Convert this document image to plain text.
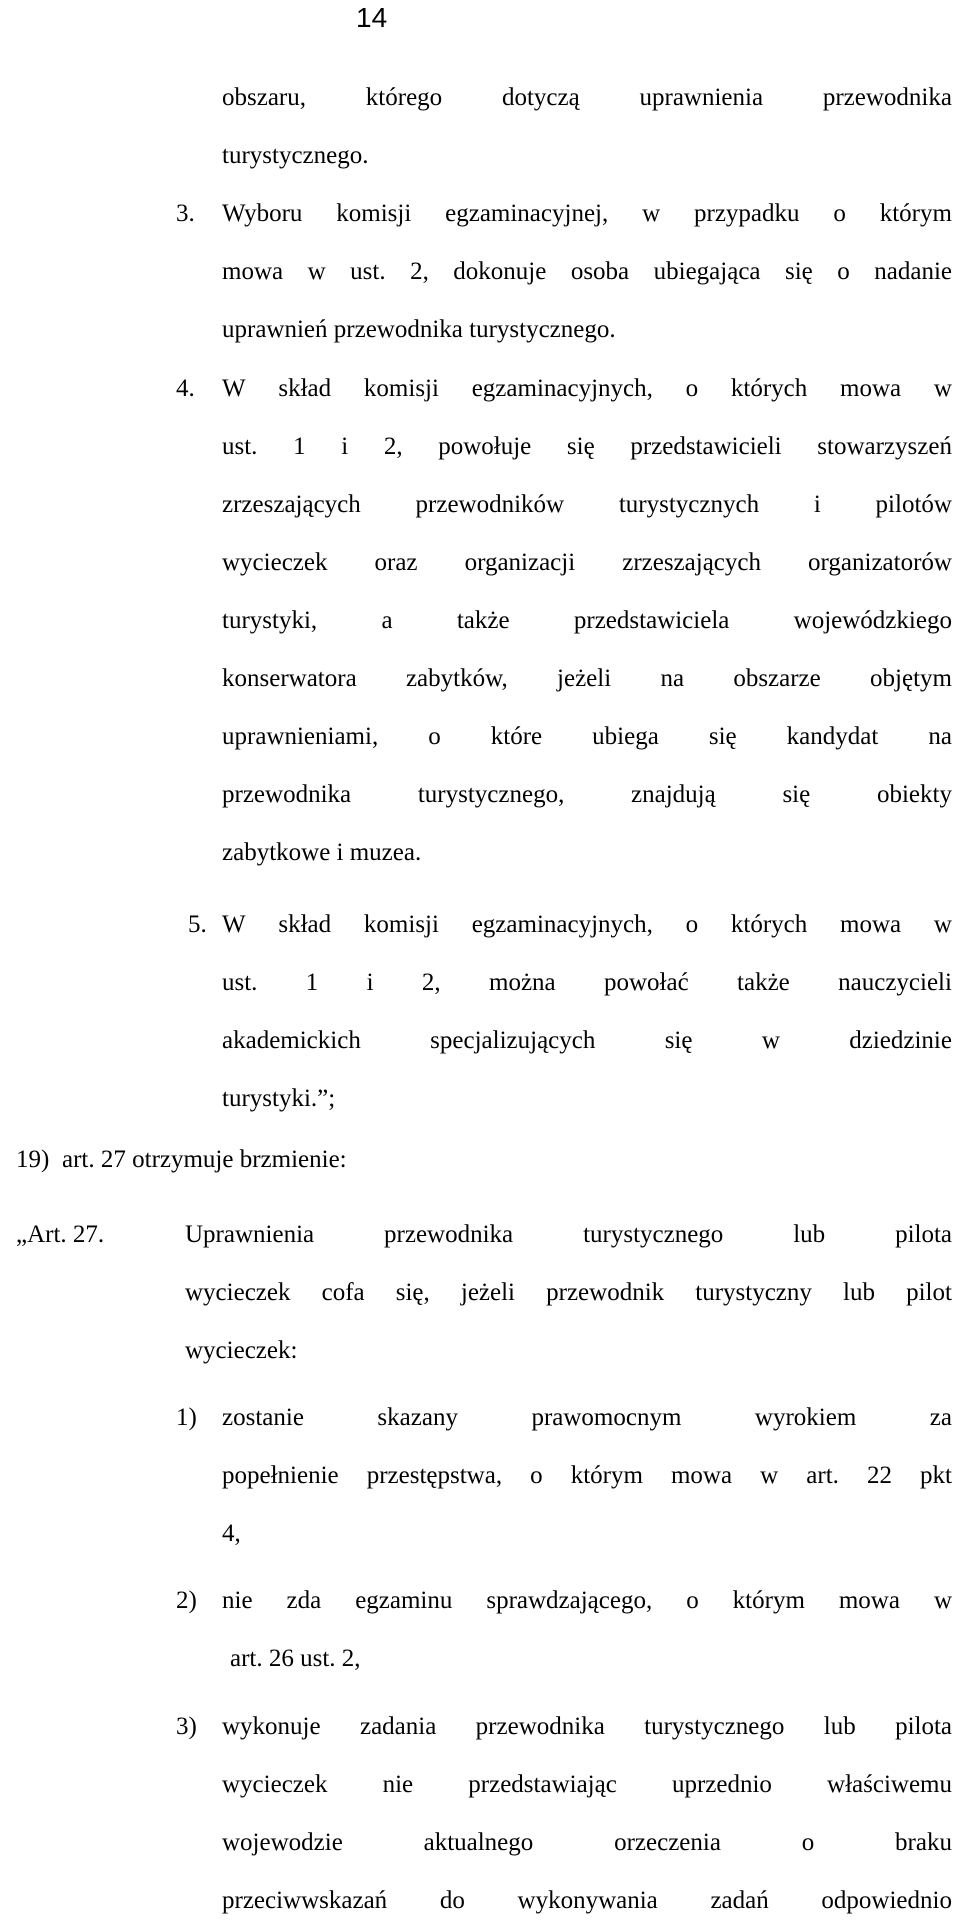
14
obszaru, którego dotyczą uprawnienia przewodnika
turystycznego.
3. Wyboru komisji egzaminacyjnej, w przypadku o którym
mowa w ust. 2, dokonuje osoba ubiegająca się o nadanie
uprawnień przewodnika turystycznego.
4. W skład komisji egzaminacyjnych, o których mowa w
ust. 1 i 2, powołuje się przedstawicieli stowarzyszeń
zrzeszających przewodników turystycznych i pilotów
wycieczek oraz organizacji zrzeszających organizatorów
turystyki,	a	także	przedstawiciela	wojewódzkiego
konserwatora zabytków, jeżeli na obszarze objętym
uprawnieniami, o które ubiega się kandydat na
przewodnika	turystycznego,	znajdują	się	obiekty
zabytkowe i muzea.
5. W skład komisji egzaminacyjnych, o których mowa w
ust. 1 i 2, można powołać także nauczycieli
akademickich	specjalizujących	się	w	dziedzinie
turystyki.”;
19) art. 27 otrzymuje brzmienie:
„Art. 27.	Uprawnienia	przewodnika	turystycznego	lub	pilota
wycieczek cofa się, jeżeli przewodnik turystyczny lub pilot
wycieczek:
1) zostanie	skazany	prawomocnym	wyrokiem	za
popełnienie przestępstwa, o którym mowa w art. 22 pkt
4,
2) nie zda egzaminu sprawdzającego, o którym mowa w
art. 26 ust. 2,
3) wykonuje zadania przewodnika turystycznego lub pilota
wycieczek nie przedstawiając uprzednio właściwemu
wojewodzie	aktualnego	orzeczenia	o	braku
przeciwwskazań do wykonywania zadań odpowiednio
